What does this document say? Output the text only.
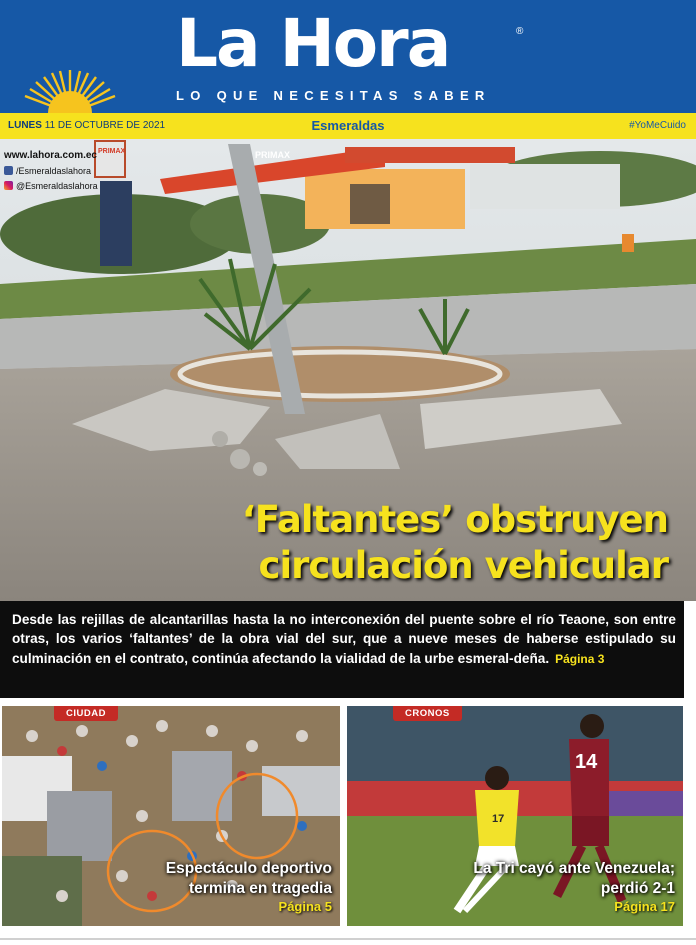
La Hora	®
LO QUE NECESITAS SABER
LUNES 11 DE OCTUBRE DE 2021	Esmeraldas	#YoMeCuido
PRIMAX	PRIMAX
www.lahora.com.ec
/Esmeraldaslahora
@Esmeraldaslahora
‘Faltantes’ obstruyen
circulación vehicular

Desde las rejillas de alcantarillas hasta la no interconexión del puente sobre el río Teaone, son entre otras, los varios ‘faltantes’ de la obra vial del sur, que a nueve meses de haberse estipulado su culminación en el contrato, continúa afectando la vialidad de la urbe esmeral-deña. Página 3

CIUDAD
Espectáculo deportivo
termina en tragedia
Página 5
17
14
CRONOS
La Tri cayó ante Venezuela;
perdió 2-1
Página 17
